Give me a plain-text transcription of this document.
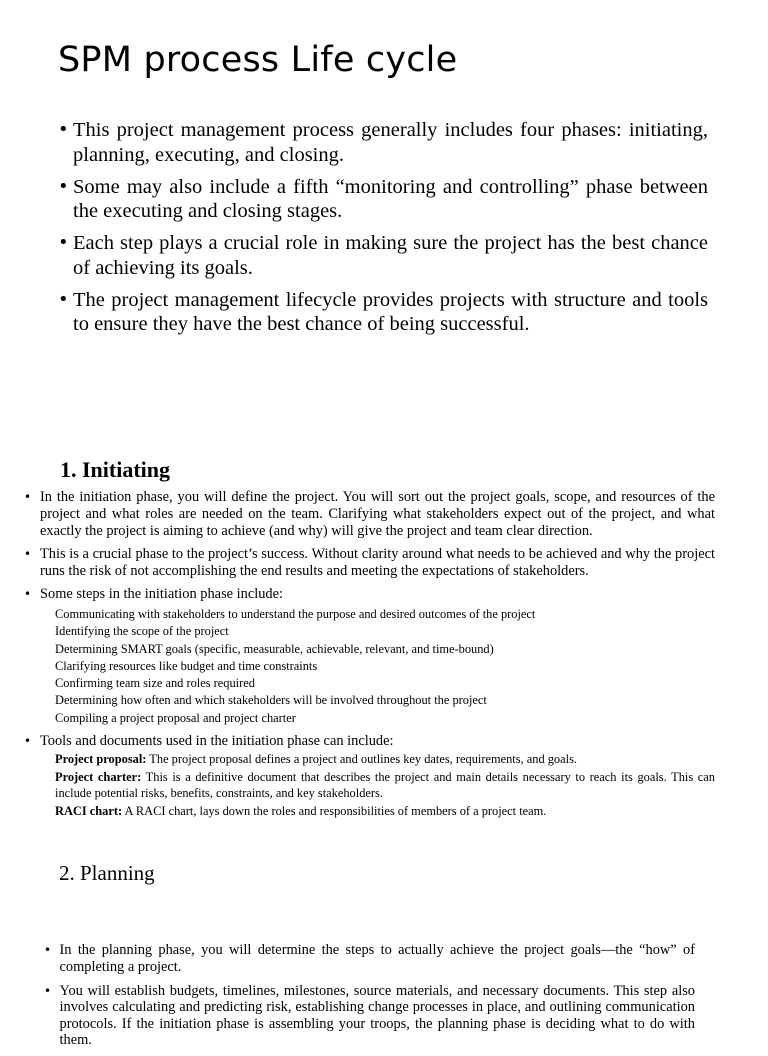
SPM process Life cycle
• This project management process generally includes four phases: initiating, planning, executing, and closing.
• Some may also include a fifth “monitoring and controlling” phase between the executing and closing stages.
• Each step plays a crucial role in making sure the project has the best chance of achieving its goals.
• The project management lifecycle provides projects with structure and tools to ensure they have the best chance of being successful.
1. Initiating
• In the initiation phase, you will define the project. You will sort out the project goals, scope, and resources of the project and what roles are needed on the team. Clarifying what stakeholders expect out of the project, and what exactly the project is aiming to achieve (and why) will give the project and team clear direction.
• This is a crucial phase to the project’s success. Without clarity around what needs to be achieved and why the project runs the risk of not accomplishing the end results and meeting the expectations of stakeholders.
• Some steps in the initiation phase include:
Communicating with stakeholders to understand the purpose and desired outcomes of the project
Identifying the scope of the project
Determining SMART goals (specific, measurable, achievable, relevant, and time-bound)
Clarifying resources like budget and time constraints
Confirming team size and roles required
Determining how often and which stakeholders will be involved throughout the project
Compiling a project proposal and project charter
• Tools and documents used in the initiation phase can include:
Project proposal: The project proposal defines a project and outlines key dates, requirements, and goals.
Project charter: This is a definitive document that describes the project and main details necessary to reach its goals. This can include potential risks, benefits, constraints, and key stakeholders.
RACI chart: A RACI chart, lays down the roles and responsibilities of members of a project team.
2. Planning
• In the planning phase, you will determine the steps to actually achieve the project goals—the “how” of completing a project.
• You will establish budgets, timelines, milestones, source materials, and necessary documents. This step also involves calculating and predicting risk, establishing change processes in place, and outlining communication protocols. If the initiation phase is assembling your troops, the planning phase is deciding what to do with them.
